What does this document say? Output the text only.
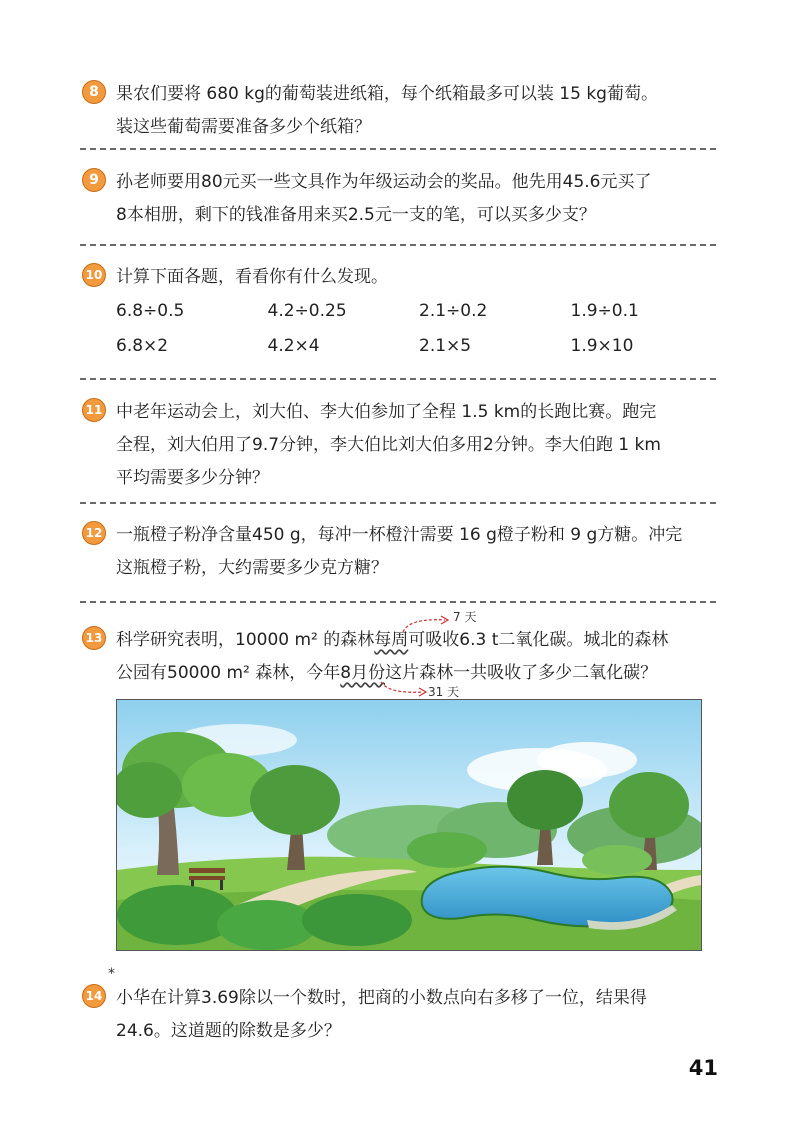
8	果农们要将 680 kg的葡萄装进纸箱，每个纸箱最多可以装 15 kg葡萄。
装这些葡萄需要准备多少个纸箱？
9	孙老师要用80元买一些文具作为年级运动会的奖品。他先用45.6元买了
8本相册，剩下的钱准备用来买2.5元一支的笔，可以买多少支？
10 计算下面各题，看看你有什么发现。
6.8÷0.5	4.2÷0.25	2.1÷0.2	1.9÷0.1
6.8×2	4.2×4	2.1×5	1.9×10
11 中老年运动会上，刘大伯、李大伯参加了全程 1.5 km的长跑比赛。跑完
全程，刘大伯用了9.7分钟，李大伯比刘大伯多用2分钟。李大伯跑 1 km
平均需要多少分钟？
12 一瓶橙子粉净含量450 g，每冲一杯橙汁需要 16 g橙子粉和 9 g方糖。冲完
这瓶橙子粉，大约需要多少克方糖？
7 天
13 科学研究表明，10000 m² 的森林每周可吸收6.3 t二氧化碳。城北的森林
公园有50000 m² 森林，今年8月份这片森林一共吸收了多少二氧化碳？
31 天
*
14 小华在计算3.69除以一个数时，把商的小数点向右多移了一位，结果得
24.6。这道题的除数是多少？
41
